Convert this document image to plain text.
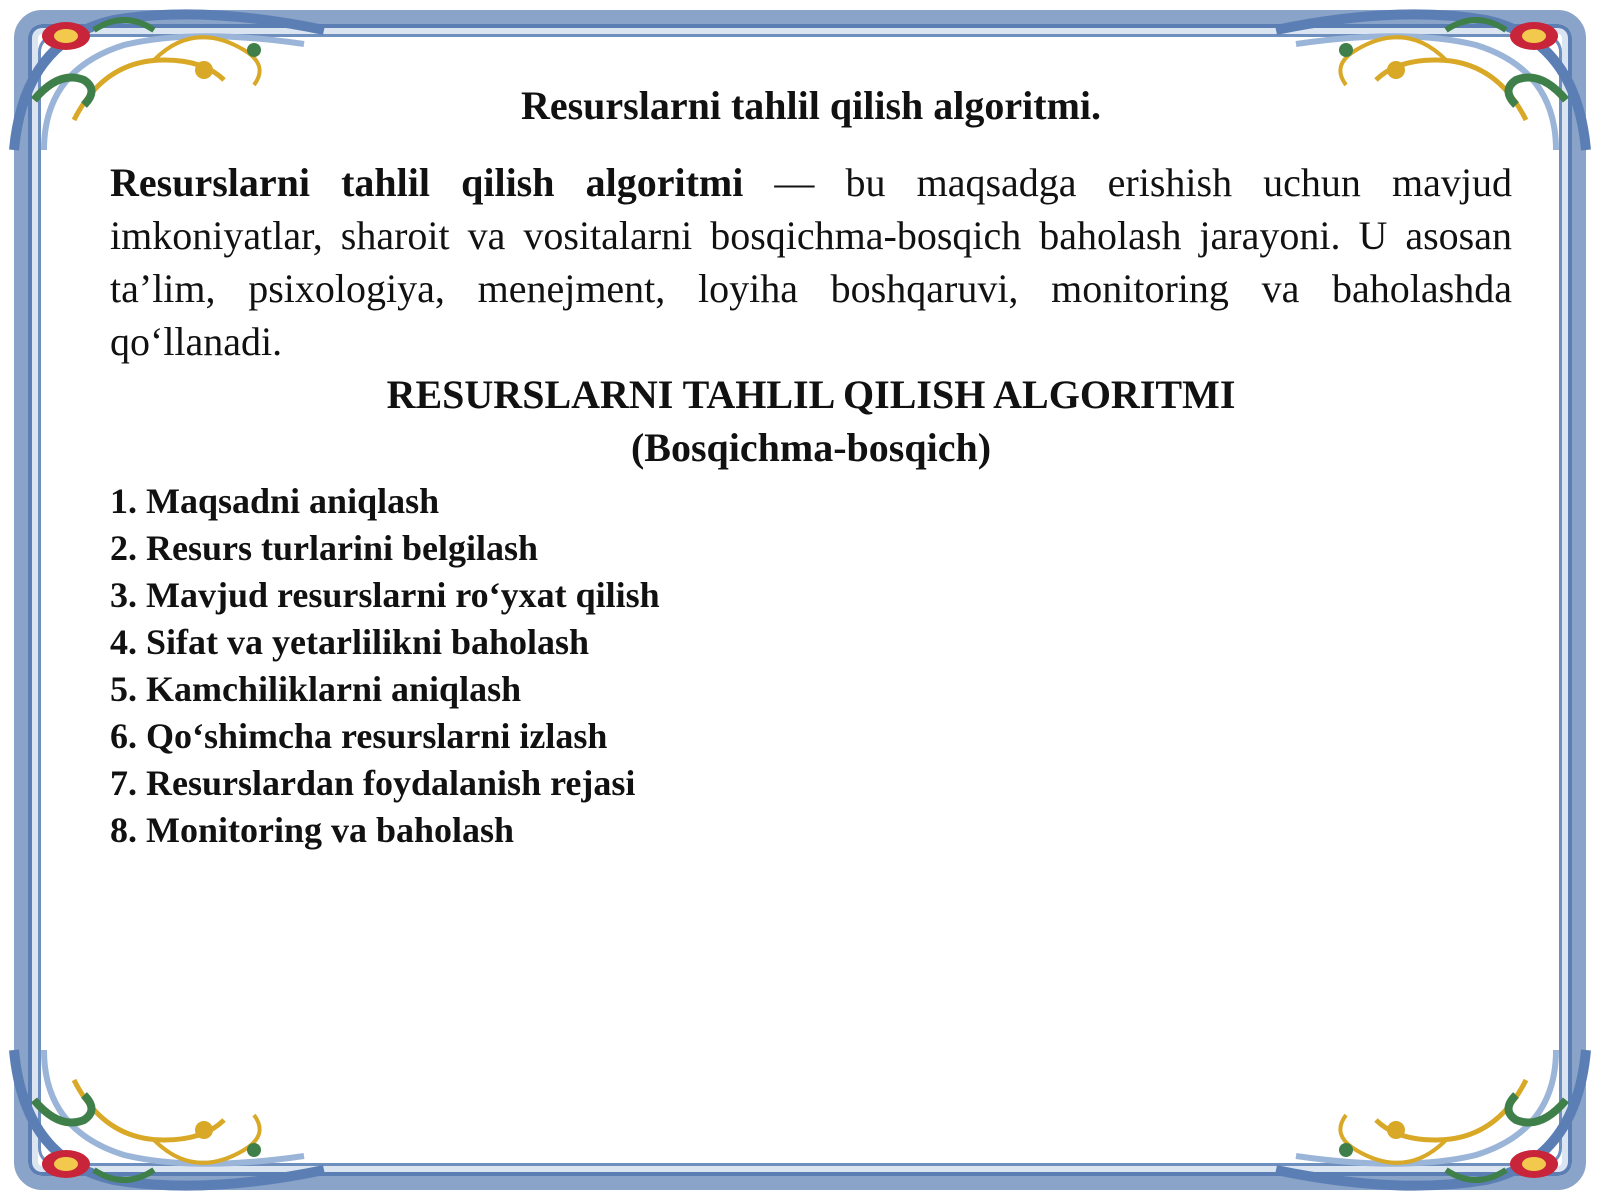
Resurslarni tahlil qilish algoritmi.

Resurslarni tahlil qilish algoritmi — bu maqsadga erishish uchun mavjud imkoniyatlar, sharoit va vositalarni bosqichma-bosqich baholash jarayoni. U asosan ta’lim, psixologiya, menejment, loyiha boshqaruvi, monitoring va baholashda qo‘llanadi.

RESURSLARNI TAHLIL QILISH ALGORITMI
(Bosqichma-bosqich)
1. Maqsadni aniqlash
2. Resurs turlarini belgilash
3. Mavjud resurslarni ro‘yxat qilish
4. Sifat va yetarlilikni baholash
5. Kamchiliklarni aniqlash
6. Qo‘shimcha resurslarni izlash
7. Resurslardan foydalanish rejasi
8. Monitoring va baholash
